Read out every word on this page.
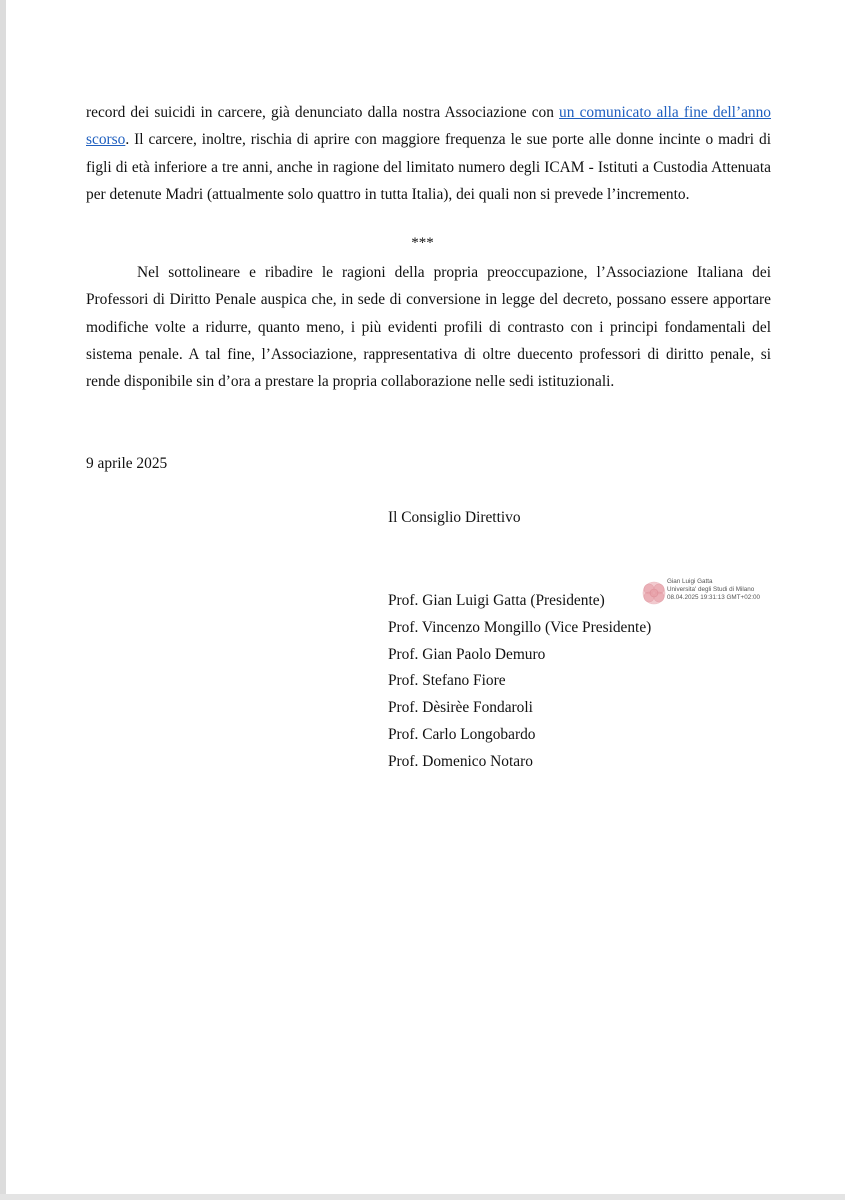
record dei suicidi in carcere, già denunciato dalla nostra Associazione con un comunicato alla fine dell’anno scorso. Il carcere, inoltre, rischia di aprire con maggiore frequenza le sue porte alle donne incinte o madri di figli di età inferiore a tre anni, anche in ragione del limitato numero degli ICAM - Istituti a Custodia Attenuata per detenute Madri (attualmente solo quattro in tutta Italia), dei quali non si prevede l’incremento.

***

Nel sottolineare e ribadire le ragioni della propria preoccupazione, l’Associazione Italiana dei Professori di Diritto Penale auspica che, in sede di conversione in legge del decreto, possano essere apportare modifiche volte a ridurre, quanto meno, i più evidenti profili di contrasto con i principi fondamentali del sistema penale. A tal fine, l’Associazione, rappresentativa di oltre duecento professori di diritto penale, si rende disponibile sin d’ora a prestare la propria collaborazione nelle sedi istituzionali.

9 aprile 2025
Il Consiglio Direttivo
Prof. Gian Luigi Gatta (Presidente)
Prof. Vincenzo Mongillo (Vice Presidente)
Prof. Gian Paolo Demuro
Prof. Stefano Fiore
Prof. Dèsirèe Fondaroli
Prof. Carlo Longobardo
Prof. Domenico Notaro
Gian Luigi Gatta
Universita' degli Studi di Milano
08.04.2025 19:31:13 GMT+02:00
